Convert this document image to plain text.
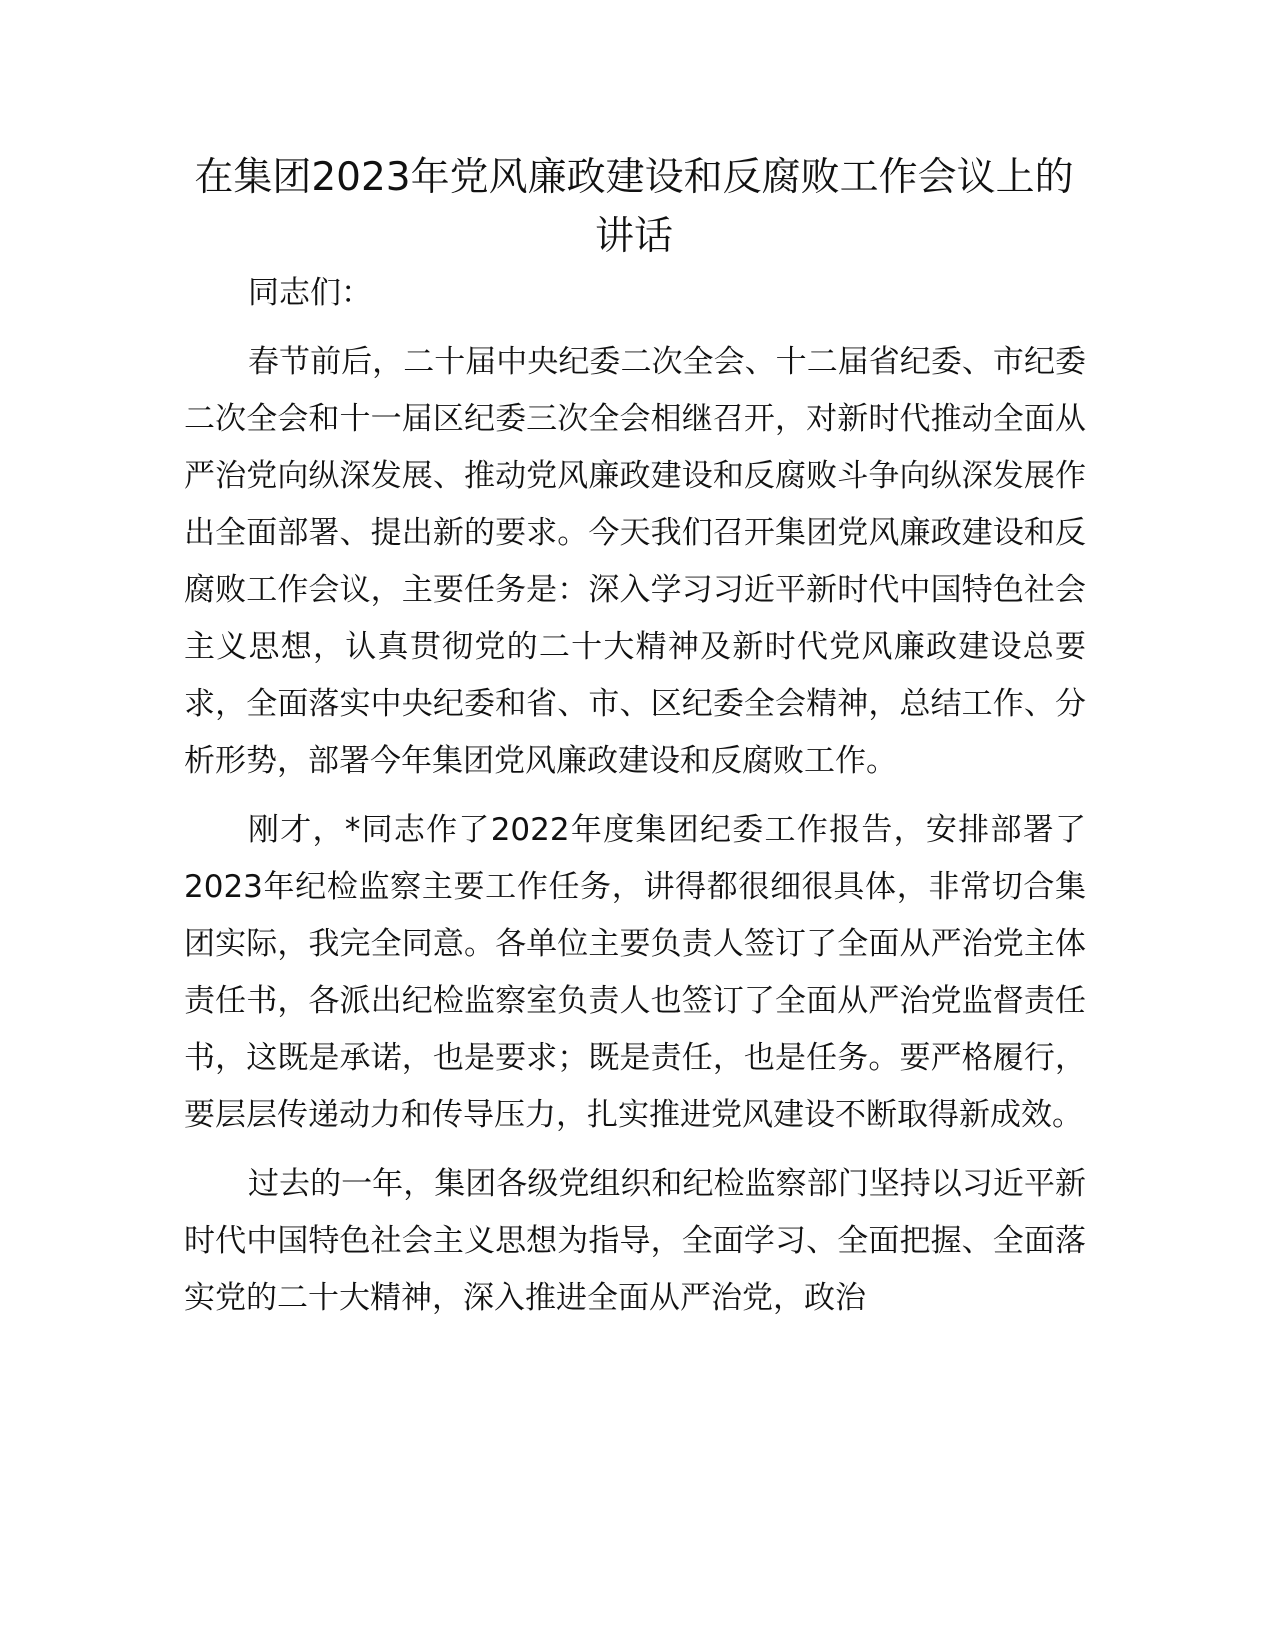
在集团2023年党风廉政建设和反腐败工作会议上的讲话

同志们：

春节前后，二十届中央纪委二次全会、十二届省纪委、市纪委二次全会和十一届区纪委三次全会相继召开，对新时代推动全面从严治党向纵深发展、推动党风廉政建设和反腐败斗争向纵深发展作出全面部署、提出新的要求。今天我们召开集团党风廉政建设和反腐败工作会议，主要任务是：深入学习习近平新时代中国特色社会主义思想，认真贯彻党的二十大精神及新时代党风廉政建设总要求，全面落实中央纪委和省、市、区纪委全会精神，总结工作、分析形势，部署今年集团党风廉政建设和反腐败工作。

刚才，*同志作了2022年度集团纪委工作报告，安排部署了2023年纪检监察主要工作任务，讲得都很细很具体，非常切合集团实际，我完全同意。各单位主要负责人签订了全面从严治党主体责任书，各派出纪检监察室负责人也签订了全面从严治党监督责任书，这既是承诺，也是要求；既是责任，也是任务。要严格履行，要层层传递动力和传导压力，扎实推进党风建设不断取得新成效。

过去的一年，集团各级党组织和纪检监察部门坚持以习近平新时代中国特色社会主义思想为指导，全面学习、全面把握、全面落实党的二十大精神，深入推进全面从严治党，政治
